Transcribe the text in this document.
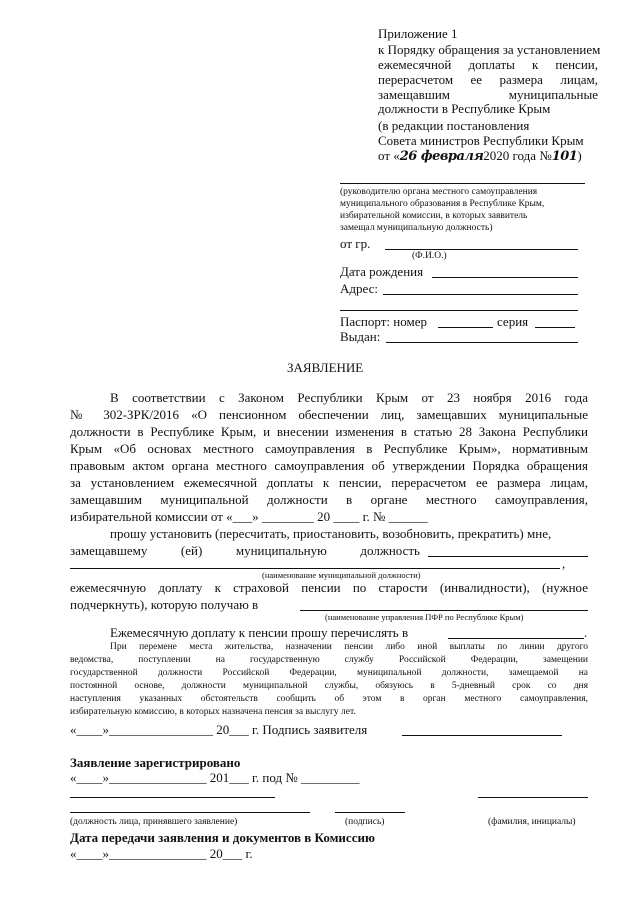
Приложение 1
к Порядку обращения за установлением
ежемесячной доплаты к пенсии,
перерасчетом ее размера лицам,
замещавшим муниципальные
должности в Республике Крым
(в редакции постановления
Совета министров Республики Крым
от «26 февраля2020 года №101)
(руководителю органа местного самоуправления
муниципального образования в Республике Крым,
избирательной комиссии, в которых заявитель
замещал муниципальную должность)
от гр.
(Ф.И.О.)
Дата рождения
Адрес:
Паспорт: номер	серия
Выдан:
ЗАЯВЛЕНИЕ
В соответствии с Законом Республики Крым от 23 ноября 2016 года
№ 302-ЗРК/2016 «О пенсионном обеспечении лиц, замещавших муниципальные
должности в Республике Крым, и внесении изменения в статью 28 Закона Республики
Крым «Об основах местного самоуправления в Республике Крым», нормативным
правовым актом органа местного самоуправления об утверждении Порядка обращения
за установлением ежемесячной доплаты к пенсии, перерасчетом ее размера лицам,
замещавшим муниципальной должности в органе местного самоуправления,
избирательной комиссии от «___» ________ 20 ____ г. № ______
прошу установить (пересчитать, приостановить, возобновить, прекратить) мне,
замещавшему (ей) муниципальную должность
,
(наименование муниципальной должности)
ежемесячную доплату к страховой пенсии по старости (инвалидности), (нужное
подчеркнуть), которую получаю в
(наименование управления ПФР по Республике Крым)
Ежемесячную доплату к пенсии прошу перечислять в	.
При перемене места жительства, назначении пенсии либо иной выплаты по линии другого
ведомства, поступлении на государственную службу Российской Федерации, замещении
государственной должности Российской Федерации, муниципальной должности, замещаемой на
постоянной основе, должности муниципальной службы, обязуюсь в 5-дневный срок со дня
наступления указанных обстоятельств сообщить об этом в орган местного самоуправления,
избирательную комиссию, в которых назначена пенсия за выслугу лет.
«____»________________ 20___ г. Подпись заявителя
Заявление зарегистрировано
«____»_______________ 201___ г. под № _________
(должность лица, принявшего заявление)	(подпись)	(фамилия, инициалы)
Дата передачи заявления и документов в Комиссию
«____»_______________ 20___ г.
